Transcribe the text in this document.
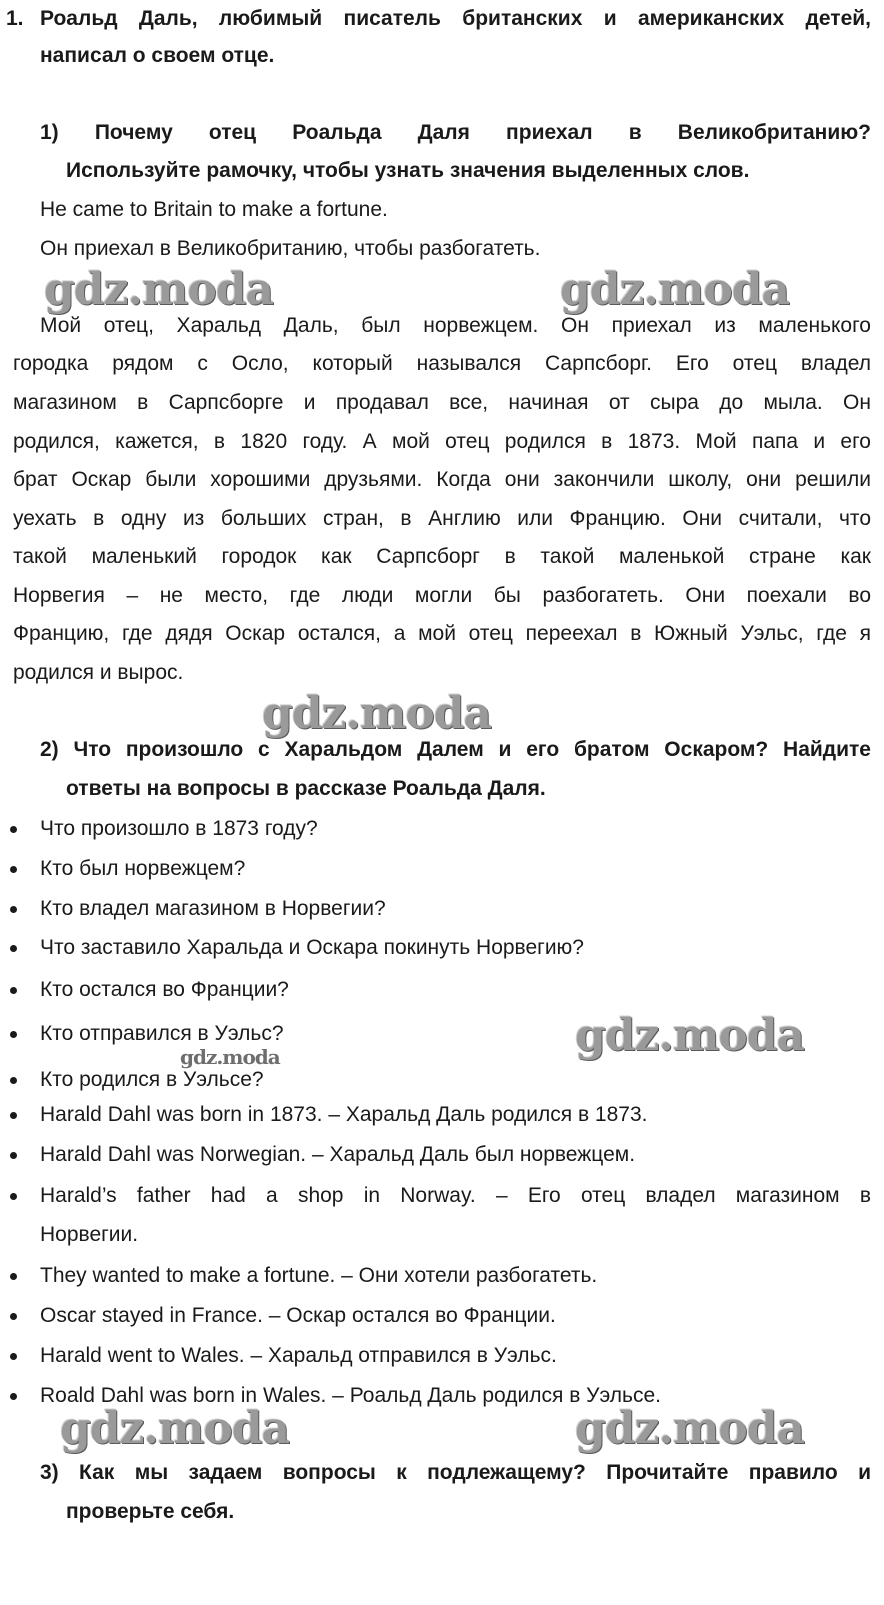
1. Роальд Даль, любимый писатель британских и американских детей,
написал о своем отце.
1) Почему отец Роальда Даля приехал в Великобританию?
Используйте рамочку, чтобы узнать значения выделенных слов.
He came to Britain to make a fortune.
Он приехал в Великобританию, чтобы разбогатеть.
Мой отец, Харальд Даль, был норвежцем. Он приехал из маленького
городка рядом с Осло, который назывался Сарпсборг. Его отец владел
магазином в Сарпсборге и продавал все, начиная от сыра до мыла. Он
родился, кажется, в 1820 году. А мой отец родился в 1873. Мой папа и его
брат Оскар были хорошими друзьями. Когда они закончили школу, они решили
уехать в одну из больших стран, в Англию или Францию. Они считали, что
такой маленький городок как Сарпсборг в такой маленькой стране как
Норвегия – не место, где люди могли бы разбогатеть. Они поехали во
Францию, где дядя Оскар остался, а мой отец переехал в Южный Уэльс, где я
родился и вырос.
2) Что произошло с Харальдом Далем и его братом Оскаром? Найдите
ответы на вопросы в рассказе Роальда Даля.
Что произошло в 1873 году?
Кто был норвежцем?
Кто владел магазином в Норвегии?
Что заставило Харальда и Оскара покинуть Норвегию?
Кто остался во Франции?
Кто отправился в Уэльс?
Кто родился в Уэльсе?
Harald Dahl was born in 1873. – Харальд Даль родился в 1873.
Harald Dahl was Norwegian. – Харальд Даль был норвежцем.
Harald’s father had a shop in Norway. – Его отец владел магазином в
Норвегии.
They wanted to make a fortune. – Они хотели разбогатеть.
Oscar stayed in France. – Оскар остался во Франции.
Harald went to Wales. – Харальд отправился в Уэльс.
Roald Dahl was born in Wales. – Роальд Даль родился в Уэльсе.
3) Как мы задаем вопросы к подлежащему? Прочитайте правило и
проверьте себя.
gdz.moda	gdz.moda
gdz.moda
gdz.moda
gdz.moda
gdz.moda	gdz.moda
